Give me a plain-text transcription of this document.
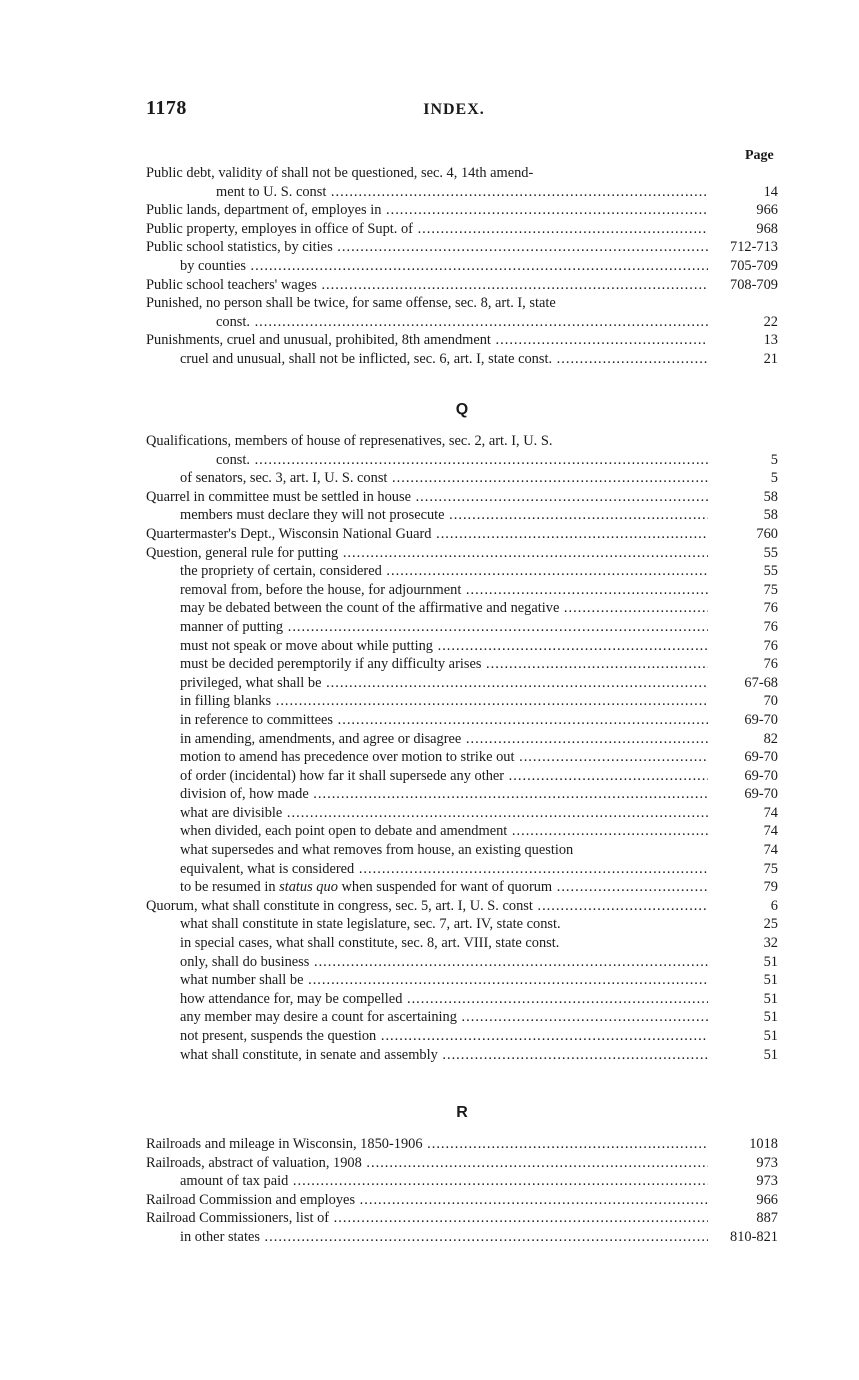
1178	INDEX.
Page
Public debt, validity of shall not be questioned, sec. 4, 14th amend-
ment to U. S. const .....	14
Public lands, department of, employes in .....	966
Public property, employes in office of Supt. of .....	968
Public school statistics, by cities .....	712-713
by counties .....	705-709
Public school teachers' wages .....	708-709
Punished, no person shall be twice, for same offense, sec. 8, art. I, state
const. .....	22
Punishments, cruel and unusual, prohibited, 8th amendment .....	13
cruel and unusual, shall not be inflicted, sec. 6, art. I, state const. .....	21
Q
Qualifications, members of house of represenatives, sec. 2, art. I, U. S.
const. .....	5
of senators, sec. 3, art. I, U. S. const .....	5
Quarrel in committee must be settled in house .....	58
members must declare they will not prosecute .....	58
Quartermaster's Dept., Wisconsin National Guard .....	760
Question, general rule for putting .....	55
the propriety of certain, considered .....	55
removal from, before the house, for adjournment .....	75
may be debated between the count of the affirmative and negative .....	76
manner of putting .....	76
must not speak or move about while putting .....	76
must be decided peremptorily if any difficulty arises .....	76
privileged, what shall be .....	67-68
in filling blanks .....	70
in reference to committees .....	69-70
in amending, amendments, and agree or disagree .....	82
motion to amend has precedence over motion to strike out .....	69-70
of order (incidental) how far it shall supersede any other .....	69-70
division of, how made .....	69-70
what are divisible .....	74
when divided, each point open to debate and amendment .....	74
what supersedes and what removes from house, an existing question	74
equivalent, what is considered .....	75
to be resumed in status quo when suspended for want of quorum .....	79
Quorum, what shall constitute in congress, sec. 5, art. I, U. S. const .....	6
what shall constitute in state legislature, sec. 7, art. IV, state const.	25
in special cases, what shall constitute, sec. 8, art. VIII, state const.	32
only, shall do business .....	51
what number shall be .....	51
how attendance for, may be compelled .....	51
any member may desire a count for ascertaining .....	51
not present, suspends the question .....	51
what shall constitute, in senate and assembly .....	51
R
Railroads and mileage in Wisconsin, 1850-1906 .....	1018
Railroads, abstract of valuation, 1908 .....	973
amount of tax paid .....	973
Railroad Commission and employes .....	966
Railroad Commissioners, list of .....	887
in other states .....	810-821
